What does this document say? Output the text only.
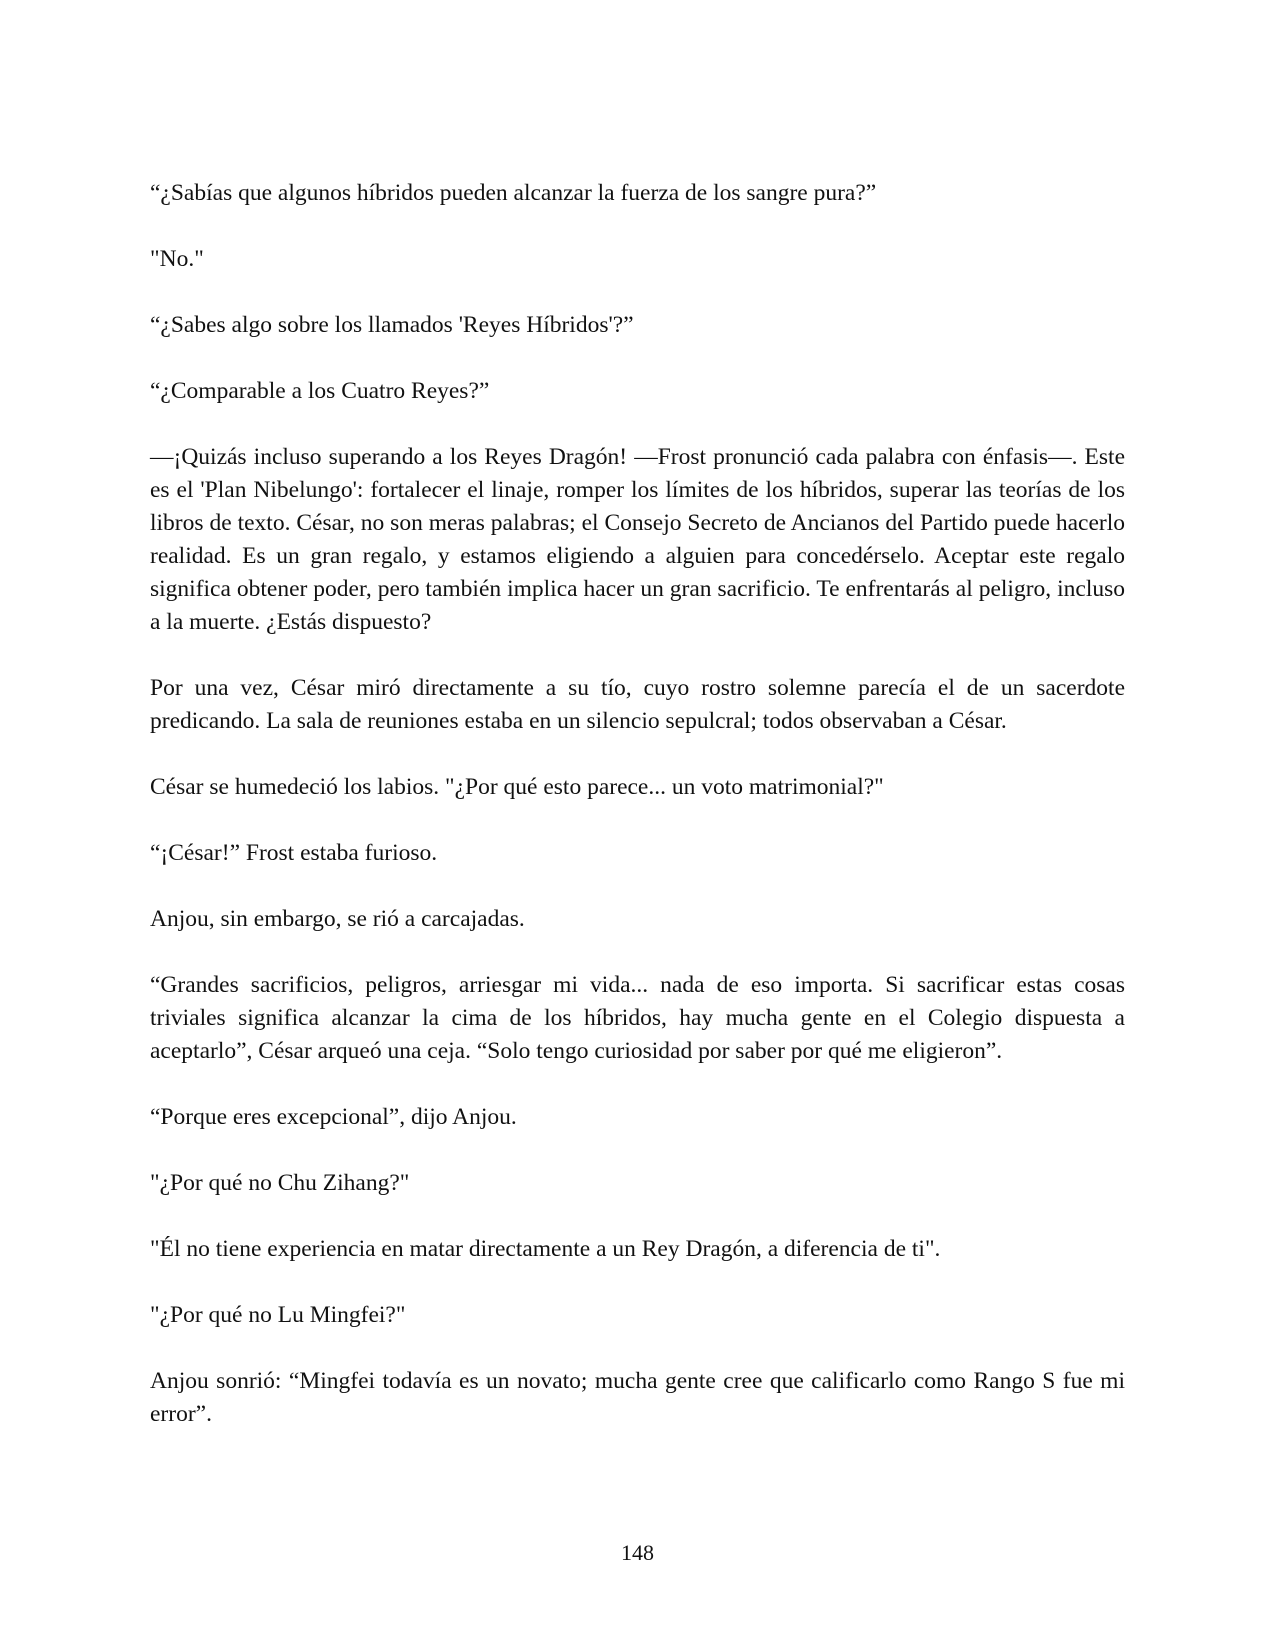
“¿Sabías que algunos híbridos pueden alcanzar la fuerza de los sangre pura?”

"No."

“¿Sabes algo sobre los llamados 'Reyes Híbridos'?”

“¿Comparable a los Cuatro Reyes?”

—¡Quizás incluso superando a los Reyes Dragón! —Frost pronunció cada palabra con énfasis—. Este es el 'Plan Nibelungo': fortalecer el linaje, romper los límites de los híbridos, superar las teorías de los libros de texto. César, no son meras palabras; el Consejo Secreto de Ancianos del Partido puede hacerlo realidad. Es un gran regalo, y estamos eligiendo a alguien para concedérselo. Aceptar este regalo significa obtener poder, pero también implica hacer un gran sacrificio. Te enfrentarás al peligro, incluso a la muerte. ¿Estás dispuesto?

Por una vez, César miró directamente a su tío, cuyo rostro solemne parecía el de un sacerdote predicando. La sala de reuniones estaba en un silencio sepulcral; todos observaban a César.

César se humedeció los labios. "¿Por qué esto parece... un voto matrimonial?"

“¡César!” Frost estaba furioso.

Anjou, sin embargo, se rió a carcajadas.

“Grandes sacrificios, peligros, arriesgar mi vida... nada de eso importa. Si sacrificar estas cosas triviales significa alcanzar la cima de los híbridos, hay mucha gente en el Colegio dispuesta a aceptarlo”, César arqueó una ceja. “Solo tengo curiosidad por saber por qué me eligieron”.

“Porque eres excepcional”, dijo Anjou.

"¿Por qué no Chu Zihang?"

"Él no tiene experiencia en matar directamente a un Rey Dragón, a diferencia de ti".

"¿Por qué no Lu Mingfei?"

Anjou sonrió: “Mingfei todavía es un novato; mucha gente cree que calificarlo como Rango S fue mi error”.

148
